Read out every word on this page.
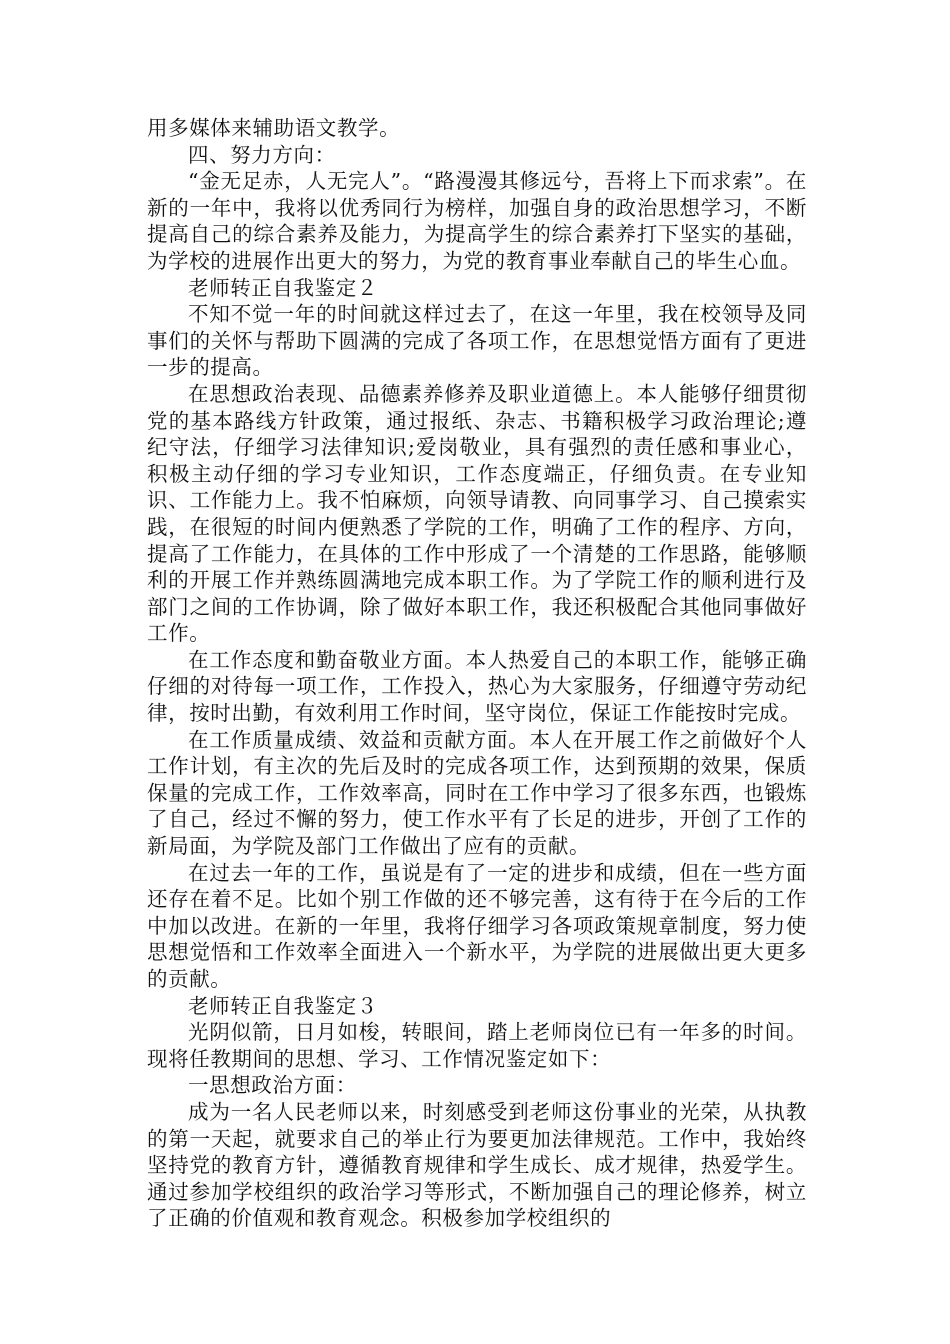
用多媒体来辅助语文教学。

四、努力方向：

“金无足赤，人无完人”。“路漫漫其修远兮，吾将上下而求索”。在新的一年中，我将以优秀同行为榜样，加强自身的政治思想学习，不断提高自己的综合素养及能力，为提高学生的综合素养打下坚实的基础，为学校的进展作出更大的努力，为党的教育事业奉献自己的毕生心血。

老师转正自我鉴定２

不知不觉一年的时间就这样过去了，在这一年里，我在校领导及同事们的关怀与帮助下圆满的完成了各项工作，在思想觉悟方面有了更进一步的提高。

在思想政治表现、品德素养修养及职业道德上。本人能够仔细贯彻党的基本路线方针政策，通过报纸、杂志、书籍积极学习政治理论;遵纪守法，仔细学习法律知识;爱岗敬业，具有强烈的责任感和事业心，积极主动仔细的学习专业知识，工作态度端正，仔细负责。在专业知识、工作能力上。我不怕麻烦，向领导请教、向同事学习、自己摸索实践，在很短的时间内便熟悉了学院的工作，明确了工作的程序、方向，提高了工作能力，在具体的工作中形成了一个清楚的工作思路，能够顺利的开展工作并熟练圆满地完成本职工作。为了学院工作的顺利进行及部门之间的工作协调，除了做好本职工作，我还积极配合其他同事做好工作。

在工作态度和勤奋敬业方面。本人热爱自己的本职工作，能够正确仔细的对待每一项工作，工作投入，热心为大家服务，仔细遵守劳动纪律，按时出勤，有效利用工作时间，坚守岗位，保证工作能按时完成。

在工作质量成绩、效益和贡献方面。本人在开展工作之前做好个人工作计划，有主次的先后及时的完成各项工作，达到预期的效果，保质保量的完成工作，工作效率高，同时在工作中学习了很多东西，也锻炼了自己，经过不懈的努力，使工作水平有了长足的进步，开创了工作的新局面，为学院及部门工作做出了应有的贡献。

在过去一年的工作，虽说是有了一定的进步和成绩，但在一些方面还存在着不足。比如个别工作做的还不够完善，这有待于在今后的工作中加以改进。在新的一年里，我将仔细学习各项政策规章制度，努力使思想觉悟和工作效率全面进入一个新水平，为学院的进展做出更大更多的贡献。

老师转正自我鉴定３

光阴似箭，日月如梭，转眼间，踏上老师岗位已有一年多的时间。现将任教期间的思想、学习、工作情况鉴定如下：

一思想政治方面：

成为一名人民老师以来，时刻感受到老师这份事业的光荣，从执教的第一天起，就要求自己的举止行为要更加法律规范。工作中，我始终坚持党的教育方针，遵循教育规律和学生成长、成才规律，热爱学生。通过参加学校组织的政治学习等形式，不断加强自己的理论修养，树立了正确的价值观和教育观念。积极参加学校组织的
